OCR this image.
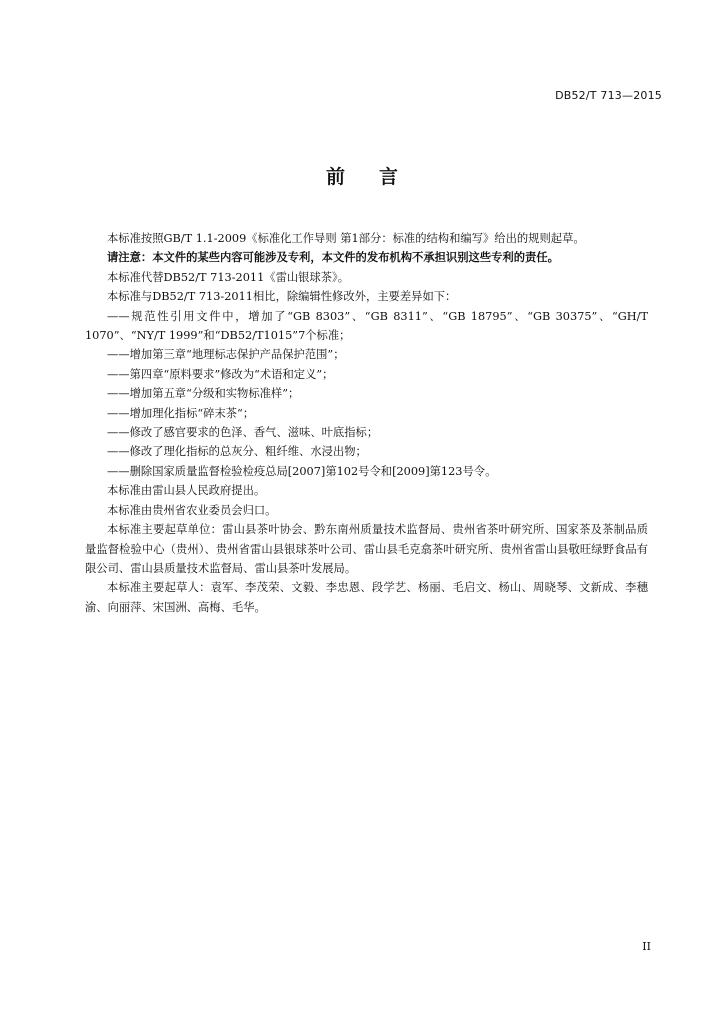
DB52/T 713—2015
前 言

本标准按照GB/T 1.1-2009《标准化工作导则 第1部分：标准的结构和编写》给出的规则起草。

请注意：本文件的某些内容可能涉及专利，本文件的发布机构不承担识别这些专利的责任。

本标准代替DB52/T 713-2011《雷山银球茶》。

本标准与DB52/T 713-2011相比，除编辑性修改外，主要差异如下：

——规范性引用文件中，增加了“GB 8303”、“GB 8311”、“GB 18795”、“GB 30375”、“GH/T 1070”、“NY/T 1999”和“DB52/T1015”7个标准；

——增加第三章“地理标志保护产品保护范围”；

——第四章“原料要求”修改为“术语和定义”；

——增加第五章“分级和实物标准样”；

——增加理化指标“碎末茶“；

——修改了感官要求的色泽、香气、滋味、叶底指标；

——修改了理化指标的总灰分、粗纤维、水浸出物；

——删除国家质量监督检验检疫总局[2007]第102号令和[2009]第123号令。

本标准由雷山县人民政府提出。

本标准由贵州省农业委员会归口。

本标准主要起草单位：雷山县茶叶协会、黔东南州质量技术监督局、贵州省茶叶研究所、国家茶及茶制品质量监督检验中心（贵州）、贵州省雷山县银球茶叶公司、雷山县毛克翕茶叶研究所、贵州省雷山县敬旺绿野食品有限公司、雷山县质量技术监督局、雷山县茶叶发展局。

本标准主要起草人：袁军、李茂荣、文毅、李忠恩、段学艺、杨丽、毛启文、杨山、周晓琴、文新成、李穗渝、向丽萍、宋国洲、高梅、毛华。

II
